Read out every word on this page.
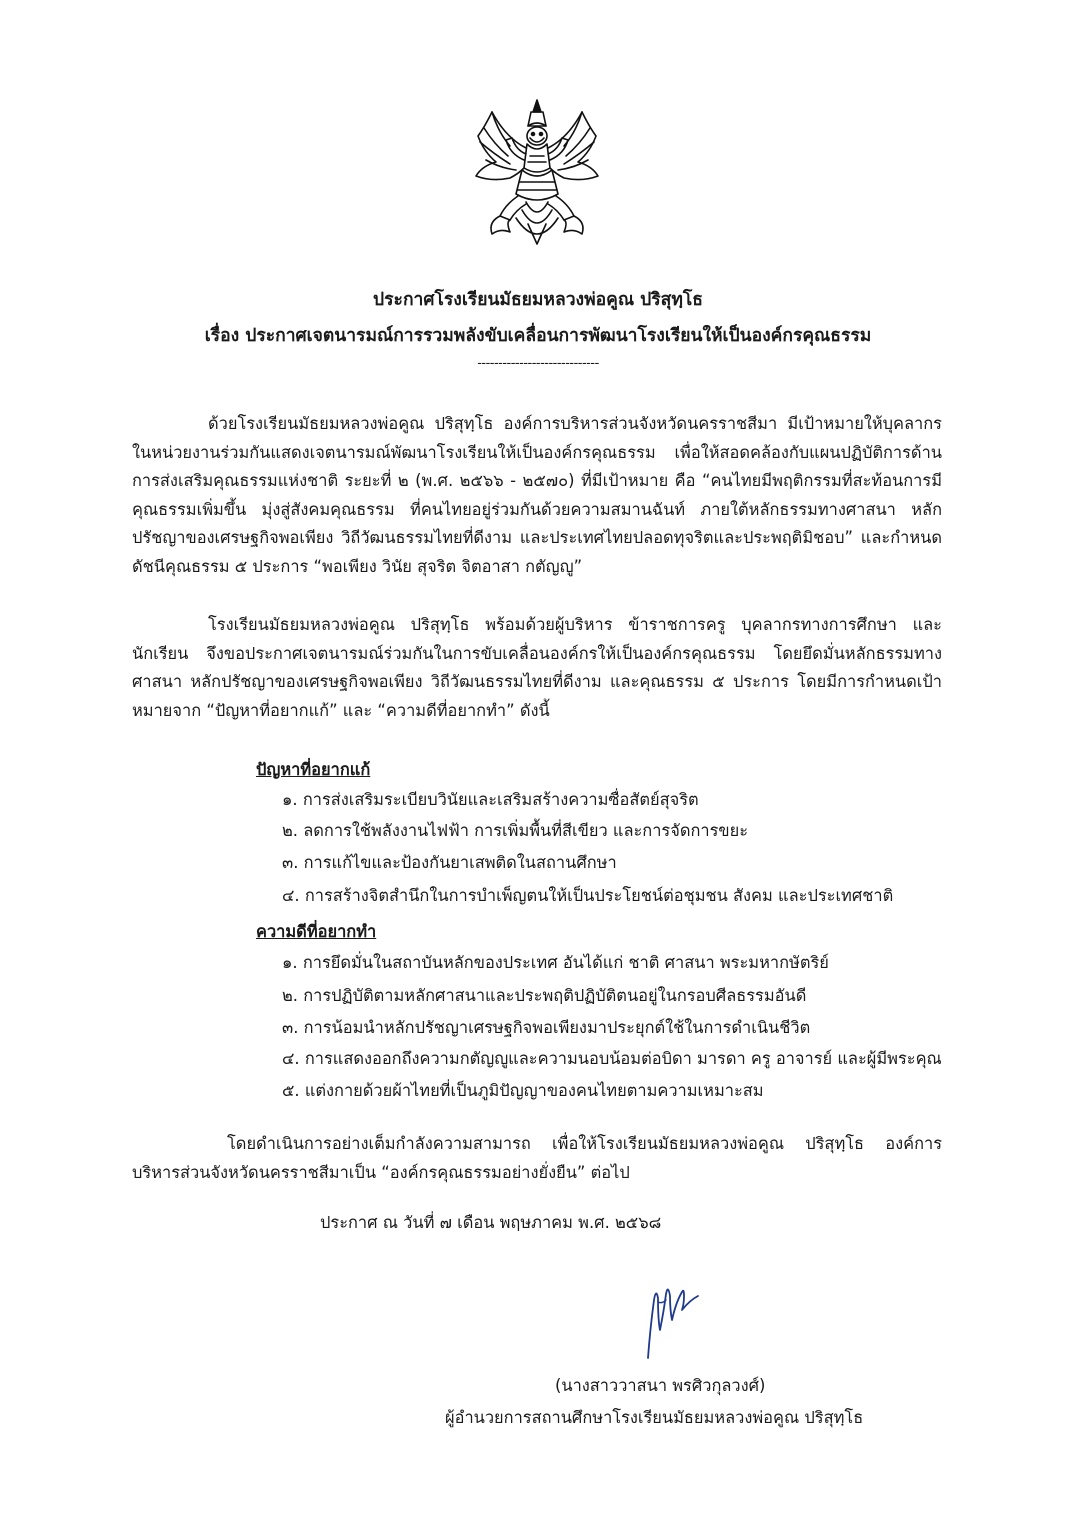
ประกาศโรงเรียนมัธยมหลวงพ่อคูณ ปริสุทฺโธ
เรื่อง ประกาศเจตนารมณ์การรวมพลังขับเคลื่อนการพัฒนาโรงเรียนให้เป็นองค์กรคุณธรรม
-----------------------------

ด้วยโรงเรียนมัธยมหลวงพ่อคูณ ปริสุทฺโธ องค์การบริหารส่วนจังหวัดนครราชสีมา มีเป้าหมายให้บุคลากรในหน่วยงานร่วมกันแสดงเจตนารมณ์พัฒนาโรงเรียนให้เป็นองค์กรคุณธรรม เพื่อให้สอดคล้องกับแผนปฏิบัติการด้านการส่งเสริมคุณธรรมแห่งชาติ ระยะที่ ๒ (พ.ศ. ๒๕๖๖ - ๒๕๗๐) ที่มีเป้าหมาย คือ “คนไทยมีพฤติกรรมที่สะท้อนการมีคุณธรรมเพิ่มขึ้น มุ่งสู่สังคมคุณธรรม ที่คนไทยอยู่ร่วมกันด้วยความสมานฉันท์ ภายใต้หลักธรรมทางศาสนา หลักปรัชญาของเศรษฐกิจพอเพียง วิถีวัฒนธรรมไทยที่ดีงาม และประเทศไทยปลอดทุจริตและประพฤติมิชอบ” และกำหนดดัชนีคุณธรรม ๕ ประการ “พอเพียง วินัย สุจริต จิตอาสา กตัญญู”

โรงเรียนมัธยมหลวงพ่อคูณ ปริสุทฺโธ พร้อมด้วยผู้บริหาร ข้าราชการครู บุคลากรทางการศึกษา และนักเรียน จึงขอประกาศเจตนารมณ์ร่วมกันในการขับเคลื่อนองค์กรให้เป็นองค์กรคุณธรรม โดยยึดมั่นหลักธรรมทางศาสนา หลักปรัชญาของเศรษฐกิจพอเพียง วิถีวัฒนธรรมไทยที่ดีงาม และคุณธรรม ๕ ประการ โดยมีการกำหนดเป้าหมายจาก “ปัญหาที่อยากแก้” และ “ความดีที่อยากทำ” ดังนี้

ปัญหาที่อยากแก้
๑. การส่งเสริมระเบียบวินัยและเสริมสร้างความซื่อสัตย์สุจริต
๒. ลดการใช้พลังงานไฟฟ้า การเพิ่มพื้นที่สีเขียว และการจัดการขยะ
๓. การแก้ไขและป้องกันยาเสพติดในสถานศึกษา
๔. การสร้างจิตสำนึกในการบำเพ็ญตนให้เป็นประโยชน์ต่อชุมชน สังคม และประเทศชาติ
ความดีที่อยากทำ
๑. การยึดมั่นในสถาบันหลักของประเทศ อันได้แก่ ชาติ ศาสนา พระมหากษัตริย์
๒. การปฏิบัติตามหลักศาสนาและประพฤติปฏิบัติตนอยู่ในกรอบศีลธรรมอันดี
๓. การน้อมนำหลักปรัชญาเศรษฐกิจพอเพียงมาประยุกต์ใช้ในการดำเนินชีวิต
๔. การแสดงออกถึงความกตัญญูและความนอบน้อมต่อบิดา มารดา ครู อาจารย์ และผู้มีพระคุณ
๕. แต่งกายด้วยผ้าไทยที่เป็นภูมิปัญญาของคนไทยตามความเหมาะสม

โดยดำเนินการอย่างเต็มกำลังความสามารถ เพื่อให้โรงเรียนมัธยมหลวงพ่อคูณ ปริสุทฺโธ องค์การบริหารส่วนจังหวัดนครราชสีมาเป็น “องค์กรคุณธรรมอย่างยั่งยืน” ต่อไป

ประกาศ ณ วันที่ ๗ เดือน พฤษภาคม พ.ศ. ๒๕๖๘
(นางสาววาสนา พรศิวกุลวงศ์)
ผู้อำนวยการสถานศึกษาโรงเรียนมัธยมหลวงพ่อคูณ ปริสุทฺโธ
